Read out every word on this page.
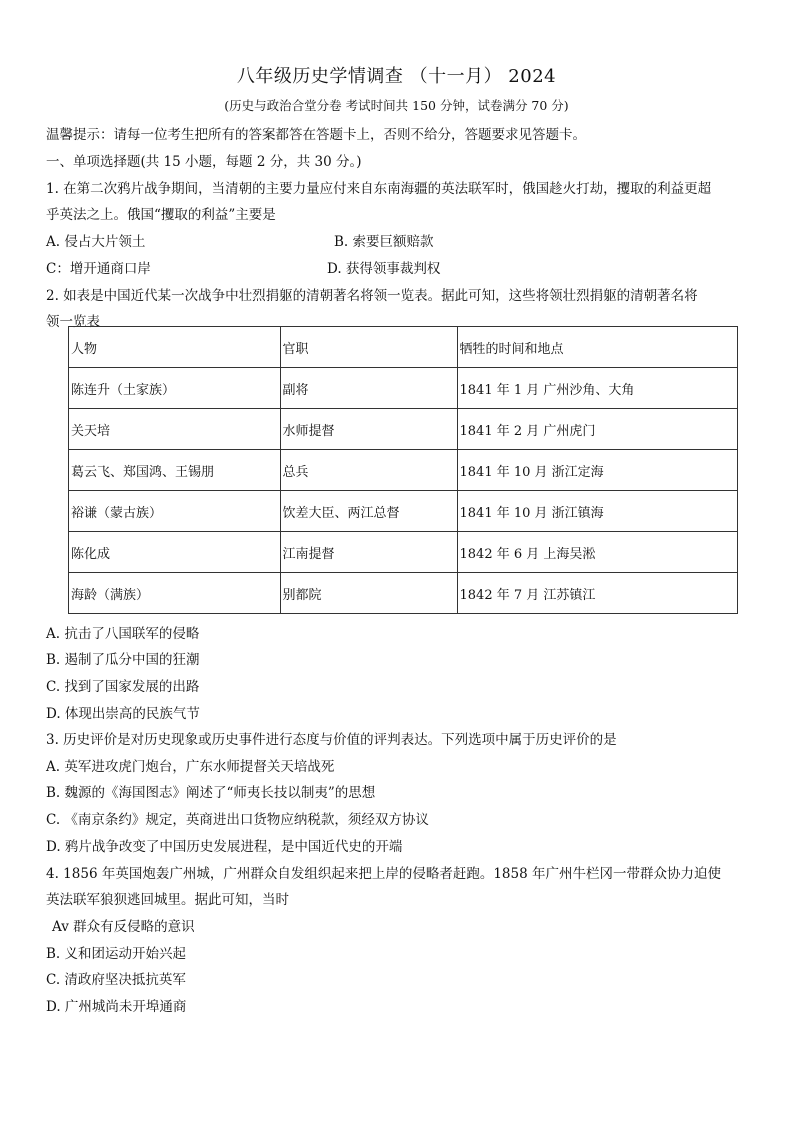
八年级历史学情调查 （十一月） 2024
(历史与政治合堂分卷 考试时间共 150 分钟，试卷满分 70 分)
温馨提示：请每一位考生把所有的答案都答在答题卡上，否则不给分，答题要求见答题卡。
一、单项选择题(共 15 小题，每题 2 分，共 30 分。)
1. 在第二次鸦片战争期间，当清朝的主要力量应付来自东南海疆的英法联军时，俄国趁火打劫，攫取的利益更超
乎英法之上。俄国“攫取的利益”主要是
A. 侵占大片领土	B. 索要巨额赔款
C：增开通商口岸	D. 获得领事裁判权
2. 如表是中国近代某一次战争中壮烈捐躯的清朝著名将领一览表。据此可知，这些将领壮烈捐躯的清朝著名将
领一览表
人物	官职	牺牲的时间和地点
陈连升（土家族）	副将	1841 年 1 月 广州沙角、大角
关天培	水师提督	1841 年 2 月 广州虎门
葛云飞、郑国鸿、王锡朋	总兵	1841 年 10 月 浙江定海
裕谦（蒙古族）	饮差大臣、两江总督	1841 年 10 月 浙江镇海
陈化成	江南提督	1842 年 6 月 上海吴淞
海龄（满族）	别都院	1842 年 7 月 江苏镇江
A. 抗击了八国联军的侵略
B. 遏制了瓜分中国的狂潮
C. 找到了国家发展的出路
D. 体现出崇高的民族气节
3. 历史评价是对历史现象或历史事件进行态度与价值的评判表达。下列选项中属于历史评价的是
A. 英军进攻虎门炮台，广东水师提督关天培战死
B. 魏源的《海国图志》阐述了“师夷长技以制夷”的思想
C. 《南京条约》规定，英商进出口货物应纳税款，须经双方协议
D. 鸦片战争改变了中国历史发展进程，是中国近代史的开端
4. 1856 年英国炮轰广州城，广州群众自发组织起来把上岸的侵略者赶跑。1858 年广州牛栏冈一带群众协力迫使
英法联军狼狈逃回城里。据此可知，当时
Av 群众有反侵略的意识
B. 义和团运动开始兴起
C. 清政府坚决抵抗英军
D. 广州城尚未开埠通商
